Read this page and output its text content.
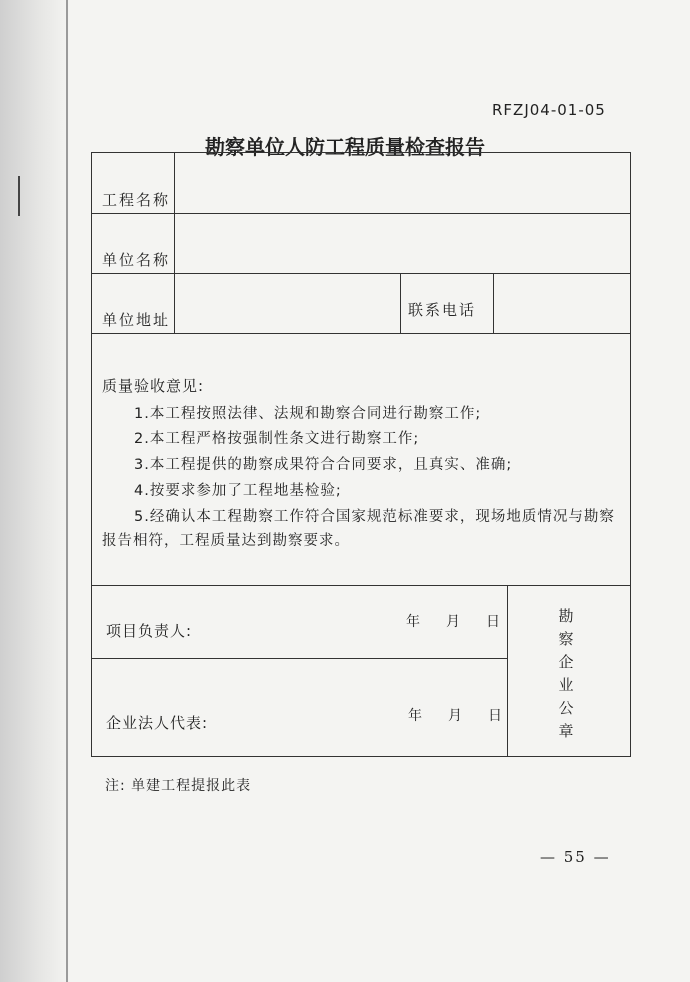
RFZJ04-01-05
勘察单位人防工程质量检查报告
工程名称
单位名称
单位地址
联系电话
质量验收意见:
1.本工程按照法律、法规和勘察合同进行勘察工作;
2.本工程严格按强制性条文进行勘察工作;
3.本工程提供的勘察成果符合合同要求，且真实、准确;
4.按要求参加了工程地基检验;
5.经确认本工程勘察工作符合国家规范标准要求，现场地质情况与勘察
报告相符，工程质量达到勘察要求。
项目负责人:	年 月 日
企业法人代表:	年 月 日
勘
察
企
业
公
章
注: 单建工程提报此表
— 55 —
